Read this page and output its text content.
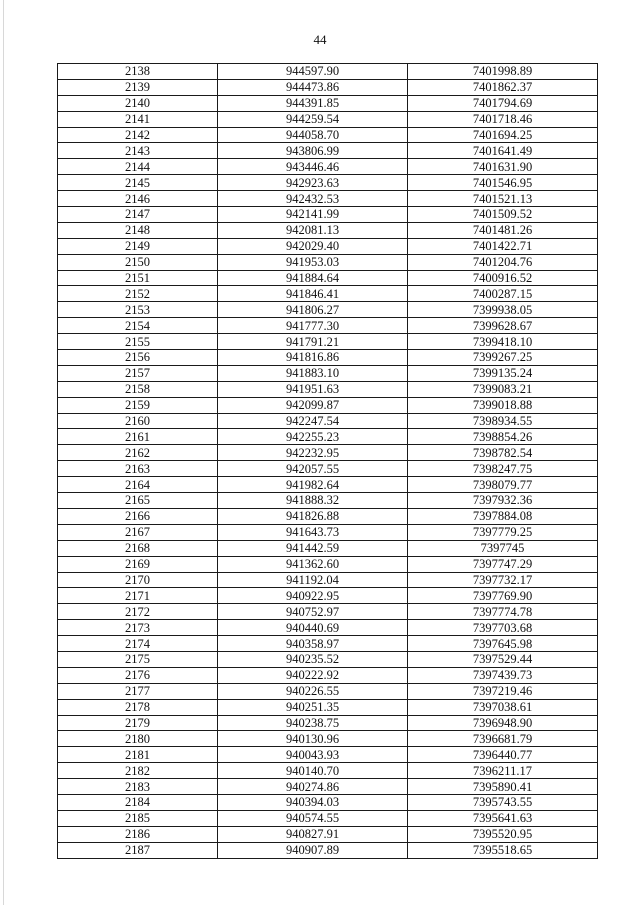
44
2138	944597.90	7401998.89
2139	944473.86	7401862.37
2140	944391.85	7401794.69
2141	944259.54	7401718.46
2142	944058.70	7401694.25
2143	943806.99	7401641.49
2144	943446.46	7401631.90
2145	942923.63	7401546.95
2146	942432.53	7401521.13
2147	942141.99	7401509.52
2148	942081.13	7401481.26
2149	942029.40	7401422.71
2150	941953.03	7401204.76
2151	941884.64	7400916.52
2152	941846.41	7400287.15
2153	941806.27	7399938.05
2154	941777.30	7399628.67
2155	941791.21	7399418.10
2156	941816.86	7399267.25
2157	941883.10	7399135.24
2158	941951.63	7399083.21
2159	942099.87	7399018.88
2160	942247.54	7398934.55
2161	942255.23	7398854.26
2162	942232.95	7398782.54
2163	942057.55	7398247.75
2164	941982.64	7398079.77
2165	941888.32	7397932.36
2166	941826.88	7397884.08
2167	941643.73	7397779.25
2168	941442.59	7397745
2169	941362.60	7397747.29
2170	941192.04	7397732.17
2171	940922.95	7397769.90
2172	940752.97	7397774.78
2173	940440.69	7397703.68
2174	940358.97	7397645.98
2175	940235.52	7397529.44
2176	940222.92	7397439.73
2177	940226.55	7397219.46
2178	940251.35	7397038.61
2179	940238.75	7396948.90
2180	940130.96	7396681.79
2181	940043.93	7396440.77
2182	940140.70	7396211.17
2183	940274.86	7395890.41
2184	940394.03	7395743.55
2185	940574.55	7395641.63
2186	940827.91	7395520.95
2187	940907.89	7395518.65
